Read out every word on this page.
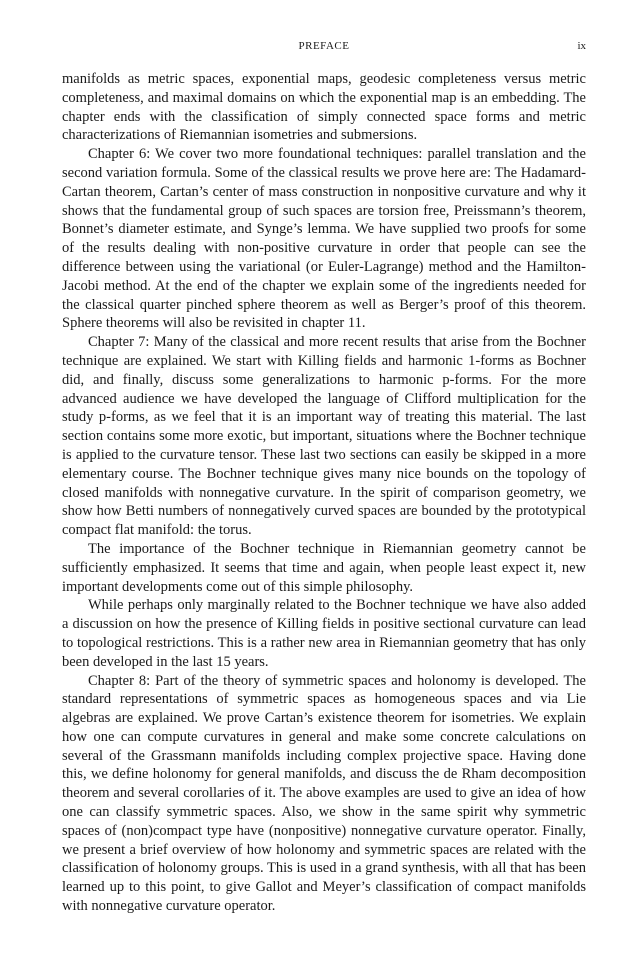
PREFACE	ix

manifolds as metric spaces, exponential maps, geodesic completeness versus metric completeness, and maximal domains on which the exponential map is an embedding. The chapter ends with the classification of simply connected space forms and metric characterizations of Riemannian isometries and submersions.

Chapter 6: We cover two more foundational techniques: parallel translation and the second variation formula. Some of the classical results we prove here are: The Hadamard-Cartan theorem, Cartan’s center of mass construction in nonpositive curvature and why it shows that the fundamental group of such spaces are torsion free, Preissmann’s theorem, Bonnet’s diameter estimate, and Synge’s lemma. We have supplied two proofs for some of the results dealing with non-positive curvature in order that people can see the difference between using the variational (or Euler-Lagrange) method and the Hamilton-Jacobi method. At the end of the chapter we explain some of the ingredients needed for the classical quarter pinched sphere theorem as well as Berger’s proof of this theorem. Sphere theorems will also be revisited in chapter 11.

Chapter 7: Many of the classical and more recent results that arise from the Bochner technique are explained. We start with Killing fields and harmonic 1-forms as Bochner did, and finally, discuss some generalizations to harmonic p-forms. For the more advanced audience we have developed the language of Clifford multiplication for the study p-forms, as we feel that it is an important way of treating this material. The last section contains some more exotic, but important, situations where the Bochner technique is applied to the curvature tensor. These last two sections can easily be skipped in a more elementary course. The Bochner technique gives many nice bounds on the topology of closed manifolds with nonnegative curvature. In the spirit of comparison geometry, we show how Betti numbers of nonnegatively curved spaces are bounded by the prototypical compact flat manifold: the torus.

The importance of the Bochner technique in Riemannian geometry cannot be sufficiently emphasized. It seems that time and again, when people least expect it, new important developments come out of this simple philosophy.

While perhaps only marginally related to the Bochner technique we have also added a discussion on how the presence of Killing fields in positive sectional curvature can lead to topological restrictions. This is a rather new area in Riemannian geometry that has only been developed in the last 15 years.

Chapter 8: Part of the theory of symmetric spaces and holonomy is developed. The standard representations of symmetric spaces as homogeneous spaces and via Lie algebras are explained. We prove Cartan’s existence theorem for isometries. We explain how one can compute curvatures in general and make some concrete calculations on several of the Grassmann manifolds including complex projective space. Having done this, we define holonomy for general manifolds, and discuss the de Rham decomposition theorem and several corollaries of it. The above examples are used to give an idea of how one can classify symmetric spaces. Also, we show in the same spirit why symmetric spaces of (non)compact type have (nonpositive) nonnegative curvature operator. Finally, we present a brief overview of how holonomy and symmetric spaces are related with the classification of holonomy groups. This is used in a grand synthesis, with all that has been learned up to this point, to give Gallot and Meyer’s classification of compact manifolds with nonnegative curvature operator.
